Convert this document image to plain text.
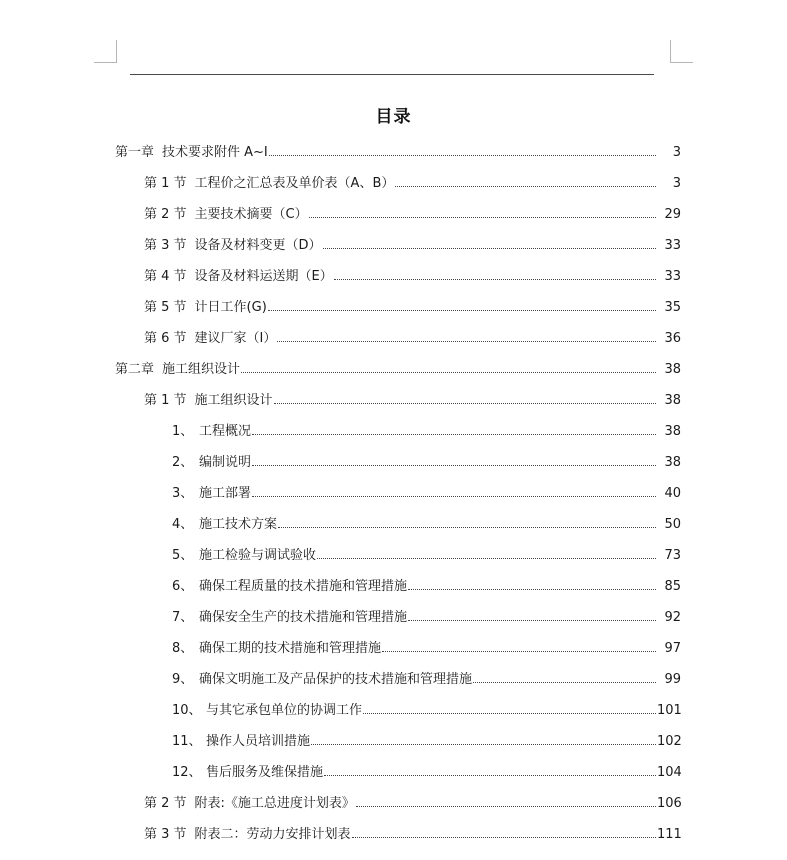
目录
第一章 技术要求附件 A~I	3
第 1 节 工程价之汇总表及单价表（A、B）	3
第 2 节 主要技术摘要（C）	29
第 3 节 设备及材料变更（D）	33
第 4 节 设备及材料运送期（E）	33
第 5 节 计日工作(G)	35
第 6 节 建议厂家（I）	36
第二章 施工组织设计	38
第 1 节 施工组织设计	38
1、 工程概况	38
2、 编制说明	38
3、 施工部署	40
4、 施工技术方案	50
5、 施工检验与调试验收	73
6、 确保工程质量的技术措施和管理措施	85
7、 确保安全生产的技术措施和管理措施	92
8、 确保工期的技术措施和管理措施	97
9、 确保文明施工及产品保护的技术措施和管理措施	99
10、 与其它承包单位的协调工作	101
11、 操作人员培训措施	102
12、 售后服务及维保措施	104
第 2 节 附表:《施工总进度计划表》	106
第 3 节 附表二：劳动力安排计划表	111
